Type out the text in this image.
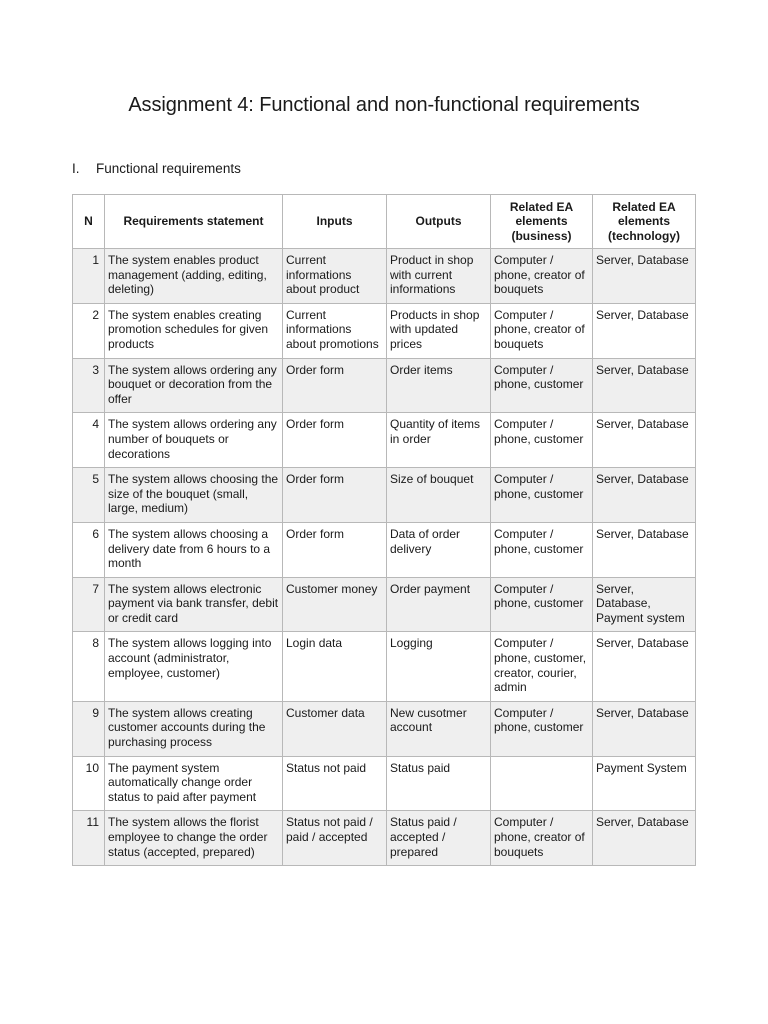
Assignment 4: Functional and non-functional requirements
I.	Functional requirements
N	Requirements statement	Inputs	Outputs	Related EA elements (business)	Related EA elements (technology)
1	The system enables product management (adding, editing, deleting)	Current informations about product	Product in shop with current informations	Computer / phone, creator of bouquets	Server, Database
2	The system enables creating promotion schedules for given products	Current informations about promotions	Products in shop with updated prices	Computer / phone, creator of bouquets	Server, Database
3	The system allows ordering any bouquet or decoration from the offer	Order form	Order items	Computer / phone, customer	Server, Database
4	The system allows ordering any number of bouquets or decorations	Order form	Quantity of items in order	Computer / phone, customer	Server, Database
5	The system allows choosing the size of the bouquet (small, large, medium)	Order form	Size of bouquet	Computer / phone, customer	Server, Database
6	The system allows choosing a delivery date from 6 hours to a month	Order form	Data of order delivery	Computer / phone, customer	Server, Database
7	The system allows electronic payment via bank transfer, debit or credit card	Customer money	Order payment	Computer / phone, customer	Server, Database, Payment system
8	The system allows logging into account (administrator, employee, customer)	Login data	Logging	Computer / phone, customer, creator, courier, admin	Server, Database
9	The system allows creating customer accounts during the purchasing process	Customer data	New cusotmer account	Computer / phone, customer	Server, Database
10	The payment system automatically change order status to paid after payment	Status not paid	Status paid		Payment System
11	The system allows the florist employee to change the order status (accepted, prepared)	Status not paid / paid / accepted	Status paid / accepted / prepared	Computer / phone, creator of bouquets	Server, Database
